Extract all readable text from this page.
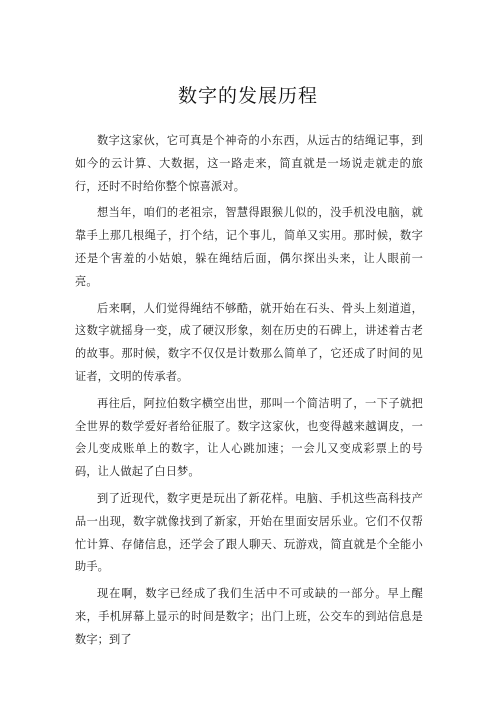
数字的发展历程

数字这家伙，它可真是个神奇的小东西，从远古的结绳记事，到如今的云计算、大数据，这一路走来，简直就是一场说走就走的旅行，还时不时给你整个惊喜派对。

想当年，咱们的老祖宗，智慧得跟猴儿似的，没手机没电脑，就靠手上那几根绳子，打个结，记个事儿，简单又实用。那时候，数字还是个害羞的小姑娘，躲在绳结后面，偶尔探出头来，让人眼前一亮。

后来啊，人们觉得绳结不够酷，就开始在石头、骨头上刻道道，这数字就摇身一变，成了硬汉形象，刻在历史的石碑上，讲述着古老的故事。那时候，数字不仅仅是计数那么简单了，它还成了时间的见证者，文明的传承者。

再往后，阿拉伯数字横空出世，那叫一个简洁明了，一下子就把全世界的数学爱好者给征服了。数字这家伙，也变得越来越调皮，一会儿变成账单上的数字，让人心跳加速；一会儿又变成彩票上的号码，让人做起了白日梦。

到了近现代，数字更是玩出了新花样。电脑、手机这些高科技产品一出现，数字就像找到了新家，开始在里面安居乐业。它们不仅帮忙计算、存储信息，还学会了跟人聊天、玩游戏，简直就是个全能小助手。

现在啊，数字已经成了我们生活中不可或缺的一部分。早上醒来，手机屏幕上显示的时间是数字；出门上班，公交车的到站信息是数字；到了
